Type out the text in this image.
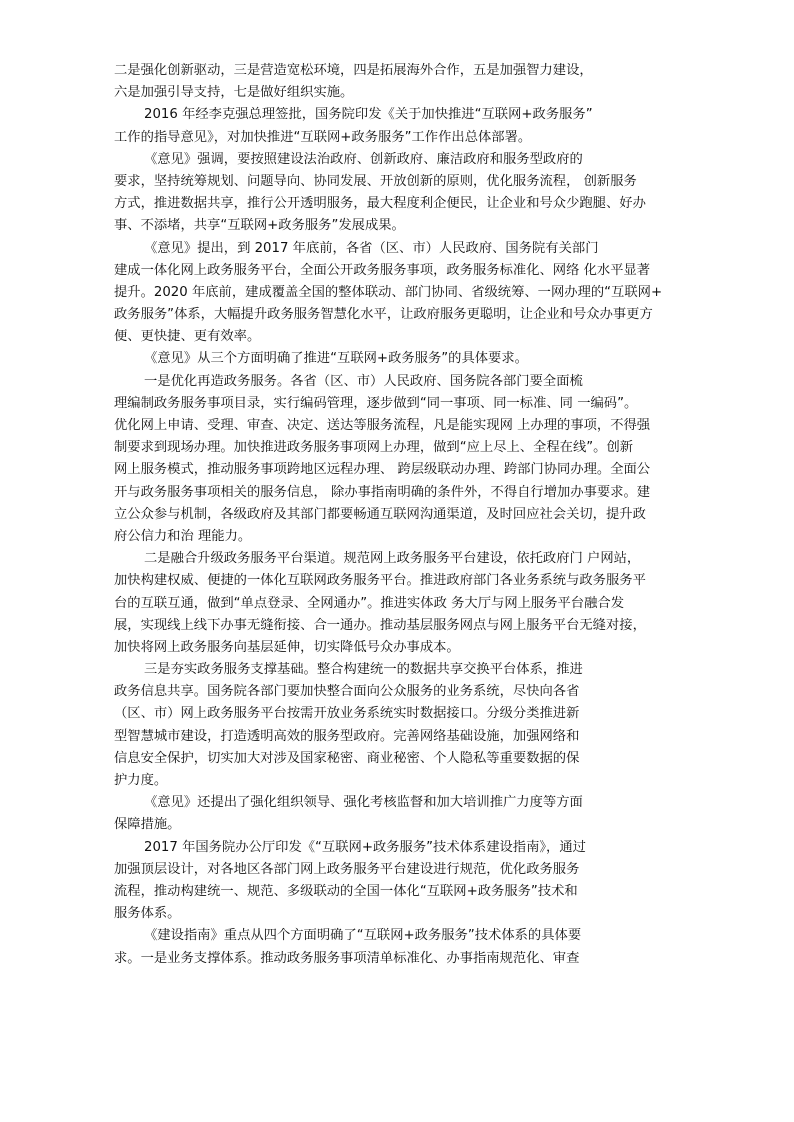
二是强化创新驱动，三是营造宽松环境，四是拓展海外合作，五是加强智力建设，
六是加强引导支持，七是做好组织实施。
2016 年经李克强总理签批，国务院印发《关于加快推进“互联网+政务服务”
工作的指导意见》，对加快推进“互联网+政务服务”工作作出总体部署。
《意见》强调，要按照建设法治政府、创新政府、廉洁政府和服务型政府的
要求，坚持统筹规划、问题导向、协同发展、开放创新的原则，优化服务流程， 创新服务
方式，推进数据共享，推行公开透明服务，最大程度利企便民，让企业和号众少跑腿、好办
事、不添堵，共享“互联网+政务服务”发展成果。
《意见》提出，到 2017 年底前，各省（区、市）人民政府、国务院有关部门
建成一体化网上政务服务平台，全面公开政务服务事项，政务服务标准化、网络 化水平显著
提升。2020 年底前，建成覆盖全国的整体联动、部门协同、省级统筹、一网办理的“互联网+
政务服务”体系，大幅提升政务服务智慧化水平，让政府服务更聪明，让企业和号众办事更方
便、更快捷、更有效率。
《意见》从三个方面明确了推进“互联网+政务服务”的具体要求。
一是优化再造政务服务。各省（区、市）人民政府、国务院各部门要全面梳
理编制政务服务事项目录，实行编码管理，逐步做到“同一事项、同一标准、同 一编码”。
优化网上申请、受理、审查、决定、送达等服务流程，凡是能实现网 上办理的事项，不得强
制要求到现场办理。加快推进政务服务事项网上办理，做到“应上尽上、全程在线”。创新
网上服务模式，推动服务事项跨地区远程办理、 跨层级联动办理、跨部门协同办理。全面公
开与政务服务事项相关的服务信息， 除办事指南明确的条件外，不得自行增加办事要求。建
立公众参与机制，各级政府及其部门都要畅通互联网沟通渠道，及时回应社会关切，提升政
府公信力和治 理能力。
二是融合升级政务服务平台渠道。规范网上政务服务平台建设，依托政府门 户网站，
加快构建权威、便捷的一体化互联网政务服务平台。推进政府部门各业务系统与政务服务平
台的互联互通，做到“单点登录、全网通办”。推进实体政 务大厅与网上服务平台融合发
展，实现线上线下办事无缝衔接、合一通办。推动基层服务网点与网上服务平台无缝对接，
加快将网上政务服务向基层延伸，切实降低号众办事成本。
三是夯实政务服务支撑基础。整合构建统一的数据共享交换平台体系，推进
政务信息共享。国务院各部门要加快整合面向公众服务的业务系统，尽快向各省
（区、市）网上政务服务平台按需开放业务系统实时数据接口。分级分类推进新
型智慧城市建设，打造透明高效的服务型政府。完善网络基础设施，加强网络和
信息安全保护，切实加大对涉及国家秘密、商业秘密、个人隐私等重要数据的保
护力度。
《意见》还提出了强化组织领导、强化考核监督和加大培训推广力度等方面
保障措施。
2017 年国务院办公厅印发《“互联网+政务服务”技术体系建设指南》，通过
加强顶层设计，对各地区各部门网上政务服务平台建设进行规范，优化政务服务
流程，推动构建统一、规范、多级联动的全国一体化“互联网+政务服务”技术和
服务体系。
《建设指南》重点从四个方面明确了“互联网+政务服务”技术体系的具体要
求。一是业务支撑体系。推动政务服务事项清单标准化、办事指南规范化、审查
